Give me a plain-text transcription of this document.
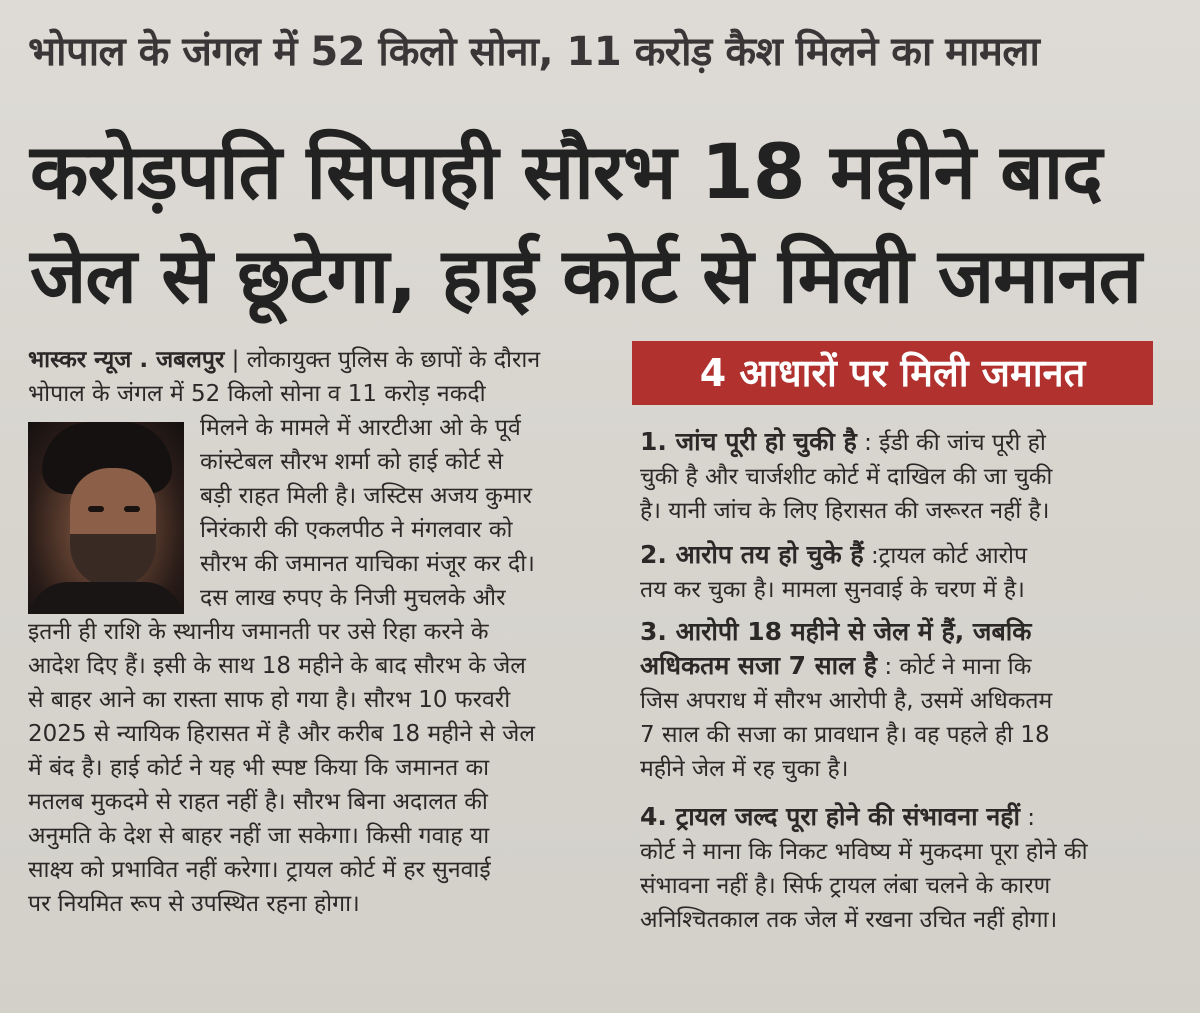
भोपाल के जंगल में 52 किलो सोना, 11 करोड़ कैश मिलने का मामला
करोड़पति सिपाही सौरभ 18 महीने बाद
जेल से छूटेगा, हाई कोर्ट से मिली जमानत
भास्कर न्यूज . जबलपुर | लोकायुक्त पुलिस के छापों के दौरान
भोपाल के जंगल में 52 किलो सोना व 11 करोड़ नकदी
मिलने के मामले में आरटीआ ओ के पूर्व
कांस्टेबल सौरभ शर्मा को हाई कोर्ट से
बड़ी राहत मिली है। जस्टिस अजय कुमार
निरंकारी की एकलपीठ ने मंगलवार को
सौरभ की जमानत याचिका मंजूर कर दी।
दस लाख रुपए के निजी मुचलके और
इतनी ही राशि के स्थानीय जमानती पर उसे रिहा करने के
आदेश दिए हैं। इसी के साथ 18 महीने के बाद सौरभ के जेल
से बाहर आने का रास्ता साफ हो गया है। सौरभ 10 फरवरी
2025 से न्यायिक हिरासत में है और करीब 18 महीने से जेल
में बंद है। हाई कोर्ट ने यह भी स्पष्ट किया कि जमानत का
मतलब मुकदमे से राहत नहीं है। सौरभ बिना अदालत की
अनुमति के देश से बाहर नहीं जा सकेगा। किसी गवाह या
साक्ष्य को प्रभावित नहीं करेगा। ट्रायल कोर्ट में हर सुनवाई
पर नियमित रूप से उपस्थित रहना होगा।
4 आधारों पर मिली जमानत
1. जांच पूरी हो चुकी है : ईडी की जांच पूरी हो
चुकी है और चार्जशीट कोर्ट में दाखिल की जा चुकी
है। यानी जांच के लिए हिरासत की जरूरत नहीं है।
2. आरोप तय हो चुके हैं :ट्रायल कोर्ट आरोप
तय कर चुका है। मामला सुनवाई के चरण में है।
3. आरोपी 18 महीने से जेल में हैं, जबकि
अधिकतम सजा 7 साल है : कोर्ट ने माना कि
जिस अपराध में सौरभ आरोपी है, उसमें अधिकतम
7 साल की सजा का प्रावधान है। वह पहले ही 18
महीने जेल में रह चुका है।
4. ट्रायल जल्द पूरा होने की संभावना नहीं :
कोर्ट ने माना कि निकट भविष्य में मुकदमा पूरा होने की
संभावना नहीं है। सिर्फ ट्रायल लंबा चलने के कारण
अनिश्चितकाल तक जेल में रखना उचित नहीं होगा।
